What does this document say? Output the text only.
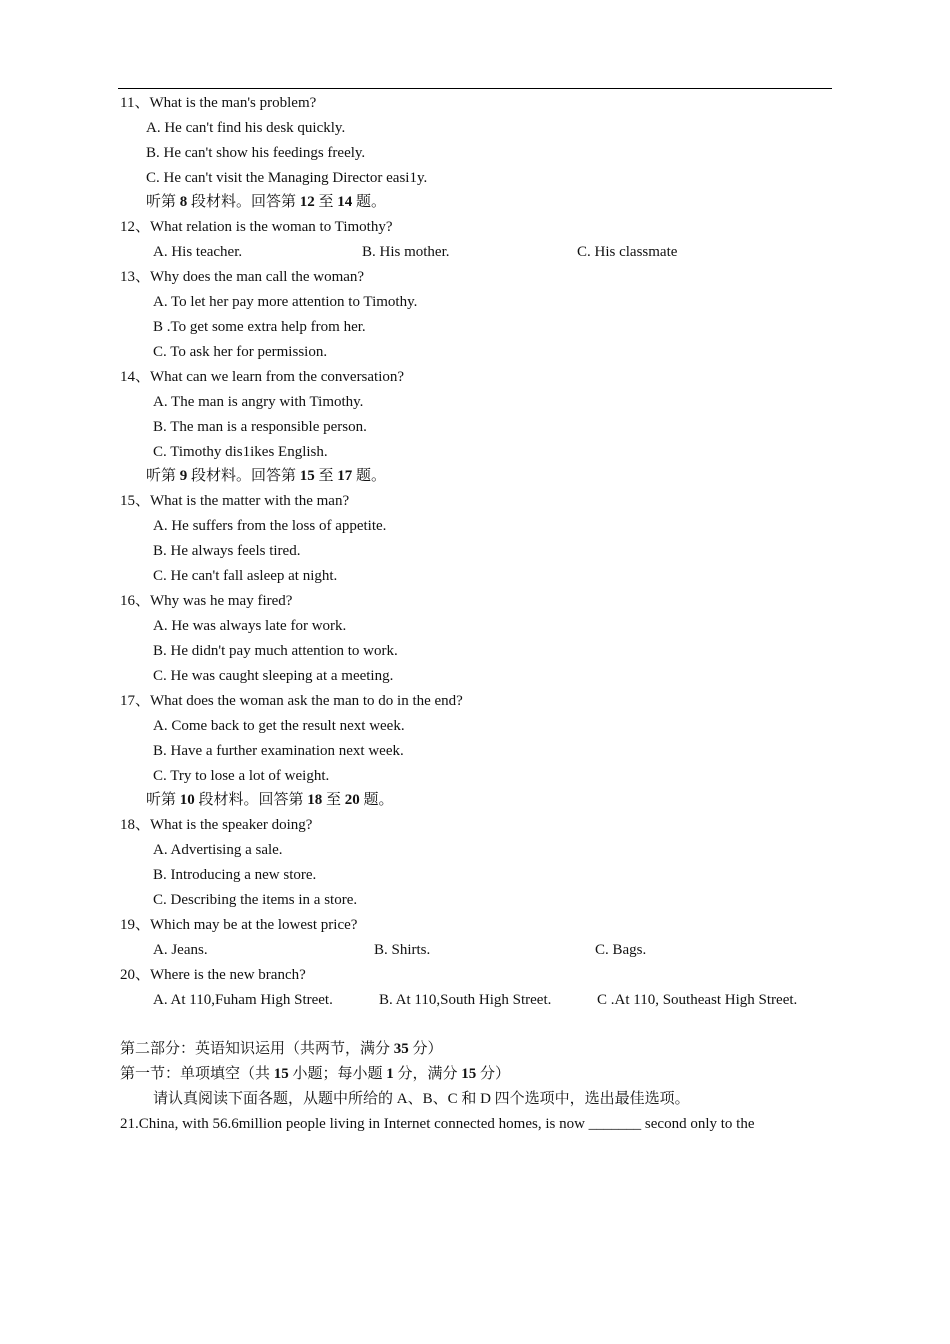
11、What is the man's problem?
A. He can't find his desk quickly.
B. He can't show his feedings freely.
C. He can't visit the Managing Director easi1y.
听第 8 段材料。回答第 12 至 14 题。
12、What relation is the woman to Timothy?
A. His teacher.	B. His mother.	C. His classmate
13、Why does the man call the woman?
A. To let her pay more attention to Timothy.
B .To get some extra help from her.
C. To ask her for permission.
14、What can we learn from the conversation?
A. The man is angry with Timothy.
B. The man is a responsible person.
C. Timothy dis1ikes English.
听第 9 段材料。回答第 15 至 17 题。
15、What is the matter with the man?
A. He suffers from the loss of appetite.
B. He always feels tired.
C. He can't fall asleep at night.
16、Why was he may fired?
A. He was always late for work.
B. He didn't pay much attention to work.
C. He was caught sleeping at a meeting.
17、What does the woman ask the man to do in the end?
A. Come back to get the result next week.
B. Have a further examination next week.
C. Try to lose a lot of weight.
听第 10 段材料。回答第 18 至 20 题。
18、What is the speaker doing?
A. Advertising a sale.
B. Introducing a new store.
C. Describing the items in a store.
19、Which may be at the lowest price?
A. Jeans.	B. Shirts.	C. Bags.
20、Where is the new branch?
A. At 110,Fuham High Street.	B. At 110,South High Street.	C .At 110, Southeast High Street.
第二部分：英语知识运用（共两节，满分 35 分）
第一节：单项填空（共 15 小题；每小题 1 分，满分 15 分）
请认真阅读下面各题，从题中所给的 A、B、C 和 D 四个选项中，选出最佳选项。
21.China, with 56.6million people living in Internet connected homes, is now _______ second only to the
